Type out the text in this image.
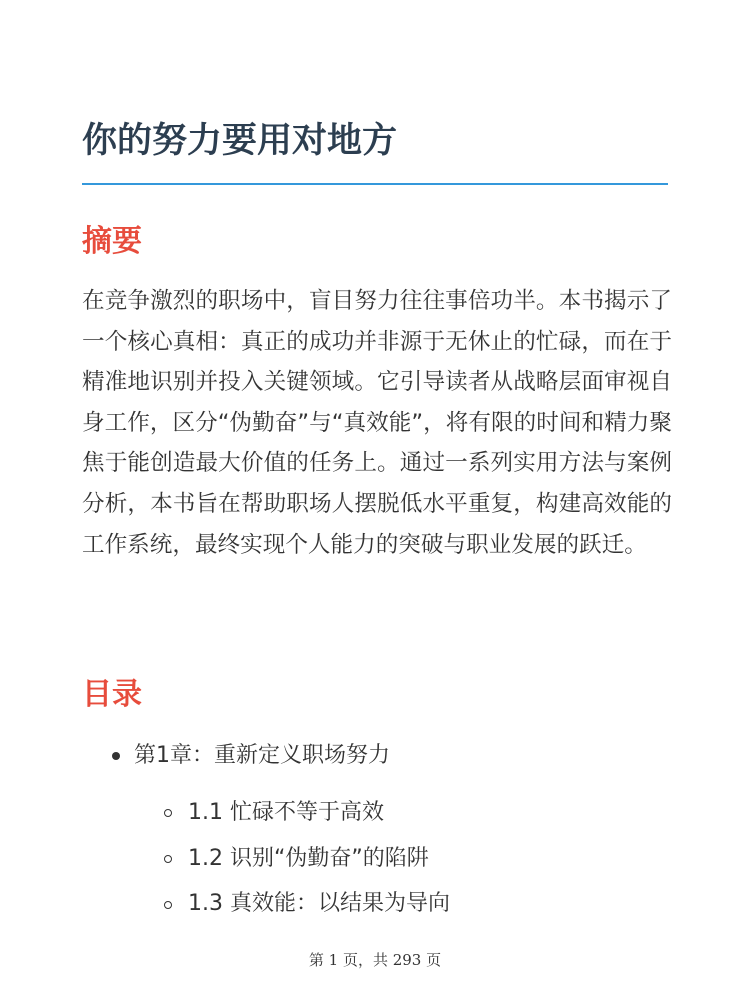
你的努力要用对地方
摘要

在竞争激烈的职场中，盲目努力往往事倍功半。本书揭示了一个核心真相：真正的成功并非源于无休止的忙碌，而在于精准地识别并投入关键领域。它引导读者从战略层面审视自身工作，区分“伪勤奋”与“真效能”，将有限的时间和精力聚焦于能创造最大价值的任务上。通过一系列实用方法与案例分析，本书旨在帮助职场人摆脱低水平重复，构建高效能的工作系统，最终实现个人能力的突破与职业发展的跃迁。

目录
第1章：重新定义职场努力
1.1 忙碌不等于高效
1.2 识别“伪勤奋”的陷阱
1.3 真效能：以结果为导向
第 1 页，共 293 页
